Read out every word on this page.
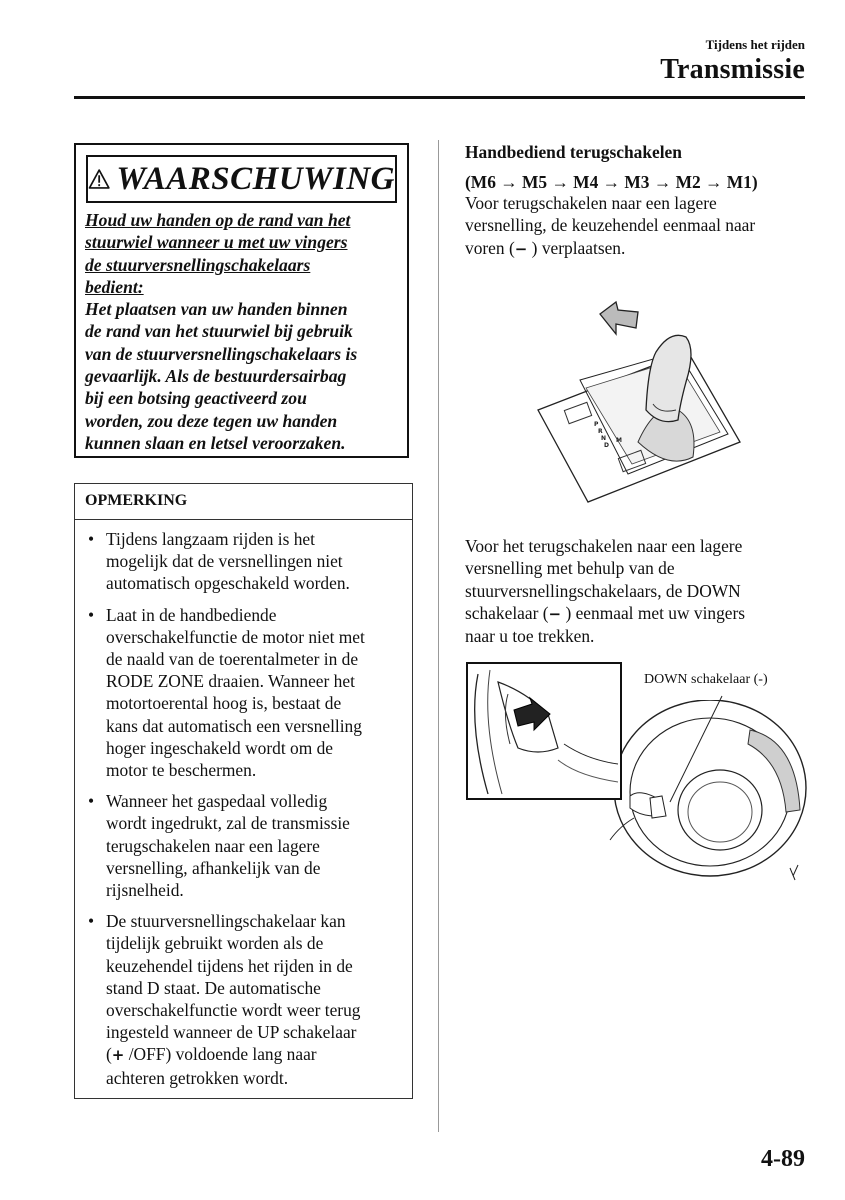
Tijdens het rijden
Transmissie
WAARSCHUWING
Houd uw handen op de rand van het
stuurwiel wanneer u met uw vingers
de stuurversnellingschakelaars
bedient:
Het plaatsen van uw handen binnen
de rand van het stuurwiel bij gebruik
van de stuurversnellingschakelaars is
gevaarlijk. Als de bestuurdersairbag
bij een botsing geactiveerd zou
worden, zou deze tegen uw handen
kunnen slaan en letsel veroorzaken.
OPMERKING
• Tijdens langzaam rijden is het
mogelijk dat de versnellingen niet
automatisch opgeschakeld worden.
• Laat in de handbediende
overschakelfunctie de motor niet met
de naald van de toerentalmeter in de
RODE ZONE draaien. Wanneer het
motortoerental hoog is, bestaat de
kans dat automatisch een versnelling
hoger ingeschakeld wordt om de
motor te beschermen.
• Wanneer het gaspedaal volledig
wordt ingedrukt, zal de transmissie
terugschakelen naar een lagere
versnelling, afhankelijk van de
rijsnelheid.
• De stuurversnellingschakelaar kan
tijdelijk gebruikt worden als de
keuzehendel tijdens het rijden in de
stand D staat. De automatische
overschakelfunctie wordt weer terug
ingesteld wanneer de UP schakelaar
(+ /OFF) voldoende lang naar
achteren getrokken wordt.
Handbediend terugschakelen
(M6 → M5 → M4 → M3 → M2 → M1)
Voor terugschakelen naar een lagere
versnelling, de keuzehendel eenmaal naar
voren (− ) verplaatsen.
P
R
N
D
M
Voor het terugschakelen naar een lagere
versnelling met behulp van de
stuurversnellingschakelaars, de DOWN
schakelaar (− ) eenmaal met uw vingers
naar u toe trekken.
DOWN schakelaar (-)
4-89
